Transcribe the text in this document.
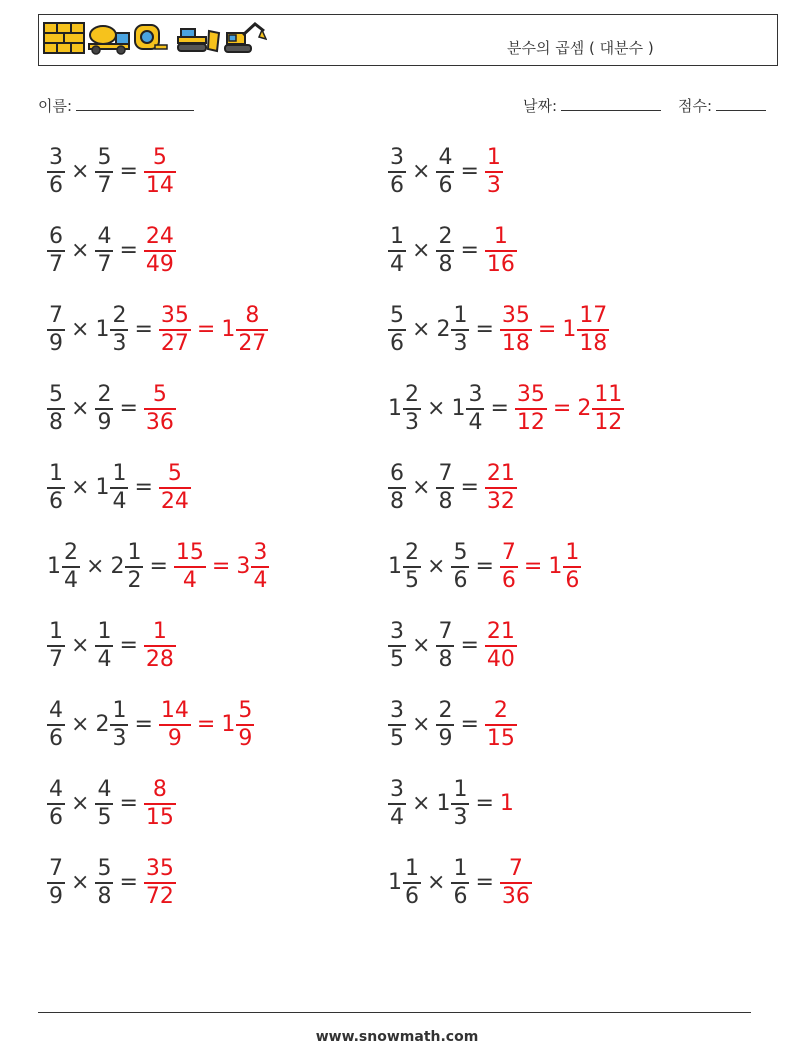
분수의 곱셈 ( 대분수 )
이름:	날짜:	점수:
$\frac{3}{6} \times \frac{5}{7} = \frac{5}{14}$	$\frac{3}{6} \times \frac{4}{6} = \frac{1}{3}$
$\frac{6}{7} \times \frac{4}{7} = \frac{24}{49}$	$\frac{1}{4} \times \frac{2}{8} = \frac{1}{16}$
$\frac{7}{9} \times 1 \frac{2}{3} = \frac{35}{27} = 1 \frac{8}{27}$	$\frac{5}{6} \times 2 \frac{1}{3} = \frac{35}{18} = 1 \frac{17}{18}$
$\frac{5}{8} \times \frac{2}{9} = \frac{5}{36}$	$1 \frac{2}{3} \times 1 \frac{3}{4} = \frac{35}{12} = 2 \frac{11}{12}$
$\frac{1}{6} \times 1 \frac{1}{4} = \frac{5}{24}$	$\frac{6}{8} \times \frac{7}{8} = \frac{21}{32}$
$1 \frac{2}{4} \times 2 \frac{1}{2} = \frac{15}{4} = 3 \frac{3}{4}$	$1 \frac{2}{5} \times \frac{5}{6} = \frac{7}{6} = 1 \frac{1}{6}$
$\frac{1}{7} \times \frac{1}{4} = \frac{1}{28}$	$\frac{3}{5} \times \frac{7}{8} = \frac{21}{40}$
$\frac{4}{6} \times 2 \frac{1}{3} = \frac{14}{9} = 1 \frac{5}{9}$	$\frac{3}{5} \times \frac{2}{9} = \frac{2}{15}$
$\frac{4}{6} \times \frac{4}{5} = \frac{8}{15}$	$\frac{3}{4} \times 1 \frac{1}{3} = 1$
$\frac{7}{9} \times \frac{5}{8} = \frac{35}{72}$	$1 \frac{1}{6} \times \frac{1}{6} = \frac{7}{36}$
www.snowmath.com
